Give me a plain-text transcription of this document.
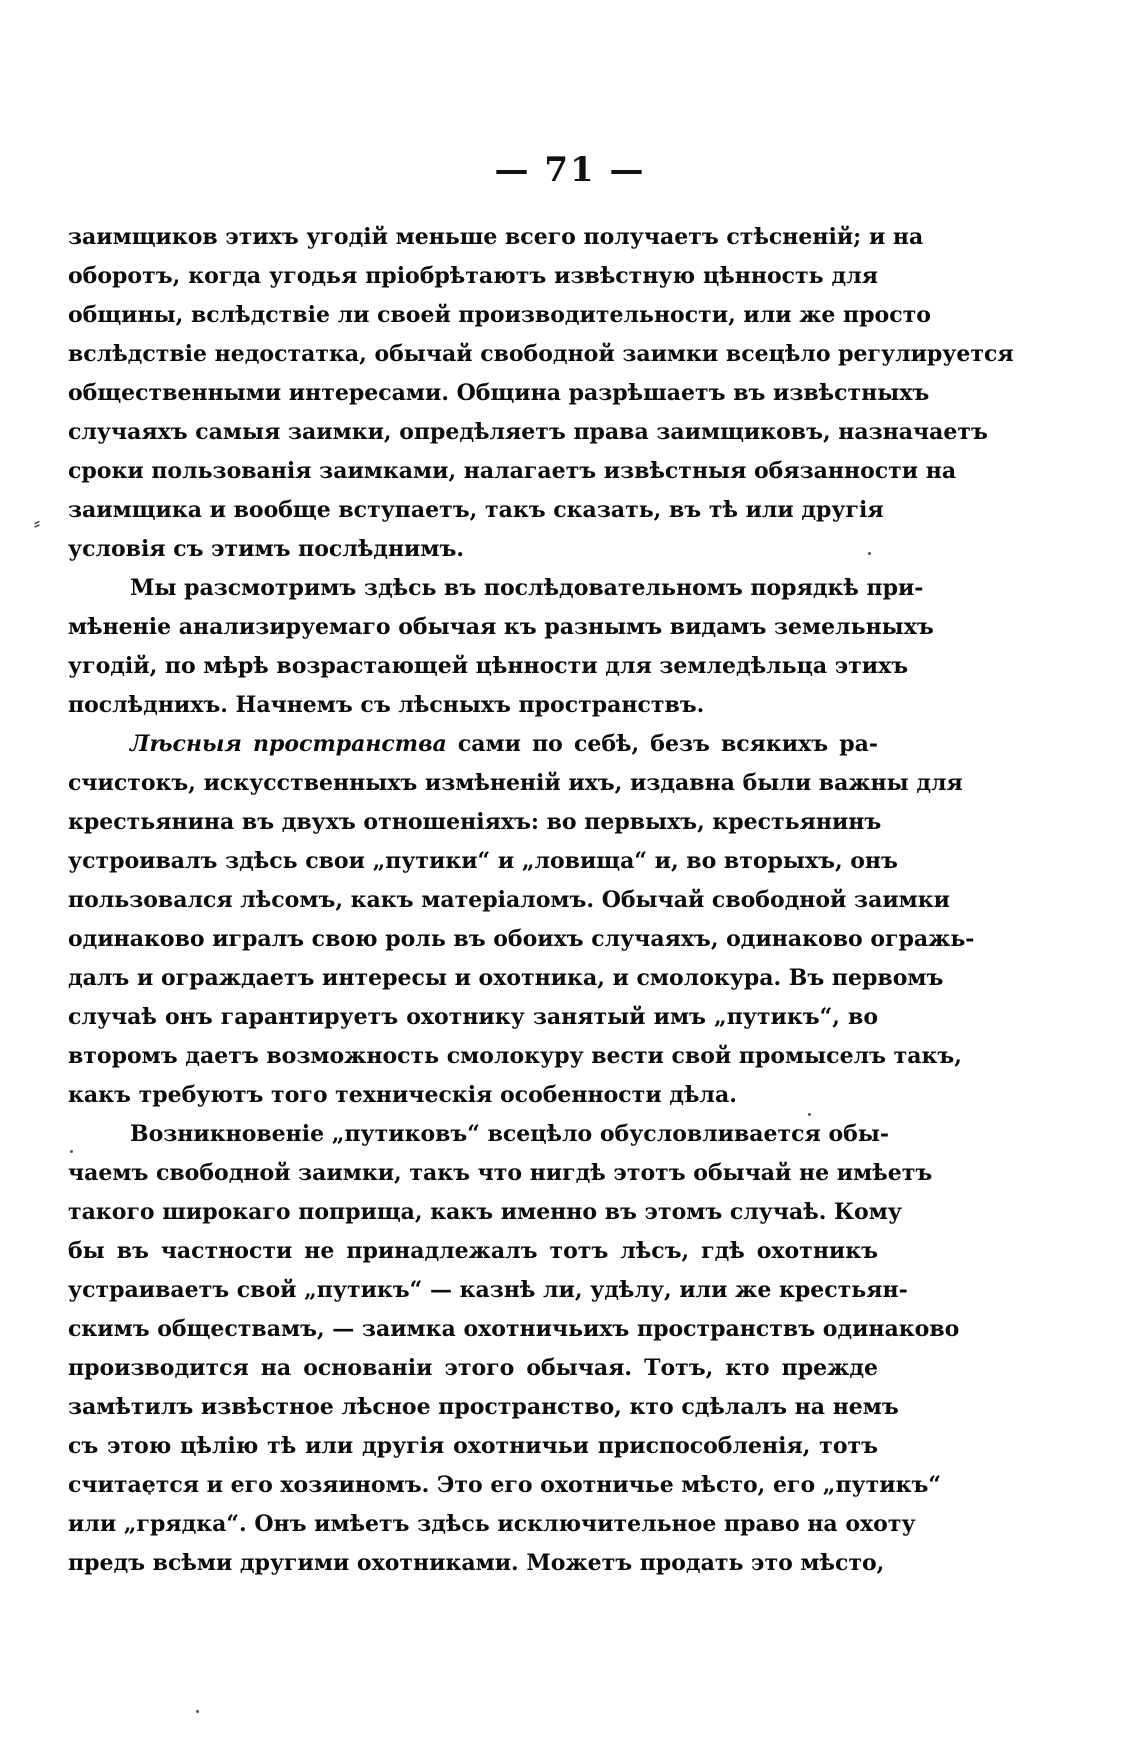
— 71 —
⸗
заимщиков этихъ угодій меньше всего получаетъ стѣсненій; и на
оборотъ, когда угодья пріобрѣтаютъ извѣстную цѣнность для
общины, вслѣдствіе ли своей производительности, или же просто
вслѣдствіе недостатка, обычай свободной заимки всецѣло регулируется
общественными интересами. Община разрѣшаетъ въ извѣстныхъ
случаяхъ самыя заимки, опредѣляетъ права заимщиковъ, назначаетъ
сроки пользованія заимками, налагаетъ извѣстныя обязанности на
заимщика и вообще вступаетъ, такъ сказать, въ тѣ или другія
условія съ этимъ послѣднимъ.
Мы разсмотримъ здѣсь въ послѣдовательномъ порядкѣ при-
мѣненіе анализируемаго обычая къ разнымъ видамъ земельныхъ
угодій, по мѣрѣ возрастающей цѣнности для земледѣльца этихъ
послѣднихъ. Начнемъ съ лѣсныхъ пространствъ.
Лѣсныя пространства сами по себѣ, безъ всякихъ ра-
счистокъ, искусственныхъ измѣненій ихъ, издавна были важны для
крестьянина въ двухъ отношеніяхъ: во первыхъ, крестьянинъ
устроивалъ здѣсь свои „путики“ и „ловища“ и, во вторыхъ, онъ
пользовался лѣсомъ, какъ матеріаломъ. Обычай свободной заимки
одинаково игралъ свою роль въ обоихъ случаяхъ, одинаково огражь-
далъ и ограждаетъ интересы и охотника, и смолокура. Въ первомъ
случаѣ онъ гарантируетъ охотнику занятый имъ „путикъ“, во
второмъ даетъ возможность смолокуру вести свой промыселъ такъ,
какъ требуютъ того техническія особенности дѣла.
Возникновеніе „путиковъ“ всецѣло обусловливается обы-
чаемъ свободной заимки, такъ что нигдѣ этотъ обычай не имѣетъ
такого широкаго поприща, какъ именно въ этомъ случаѣ. Кому
бы въ частности не принадлежалъ тотъ лѣсъ, гдѣ охотникъ
устраиваетъ свой „путикъ“ — казнѣ ли, удѣлу, или же крестьян-
скимъ обществамъ, — заимка охотничьихъ пространствъ одинаково
производится на основаніи этого обычая. Тотъ, кто прежде
замѣтилъ извѣстное лѣсное пространство, кто сдѣлалъ на немъ
съ этою цѣлію тѣ или другія охотничьи приспособленія, тотъ
считается и его хозяиномъ. Это его охотничье мѣсто, его „путикъ“
или „грядка“. Онъ имѣетъ здѣсь исключительное право на охоту
предъ всѣми другими охотниками. Можетъ продать это мѣсто,
